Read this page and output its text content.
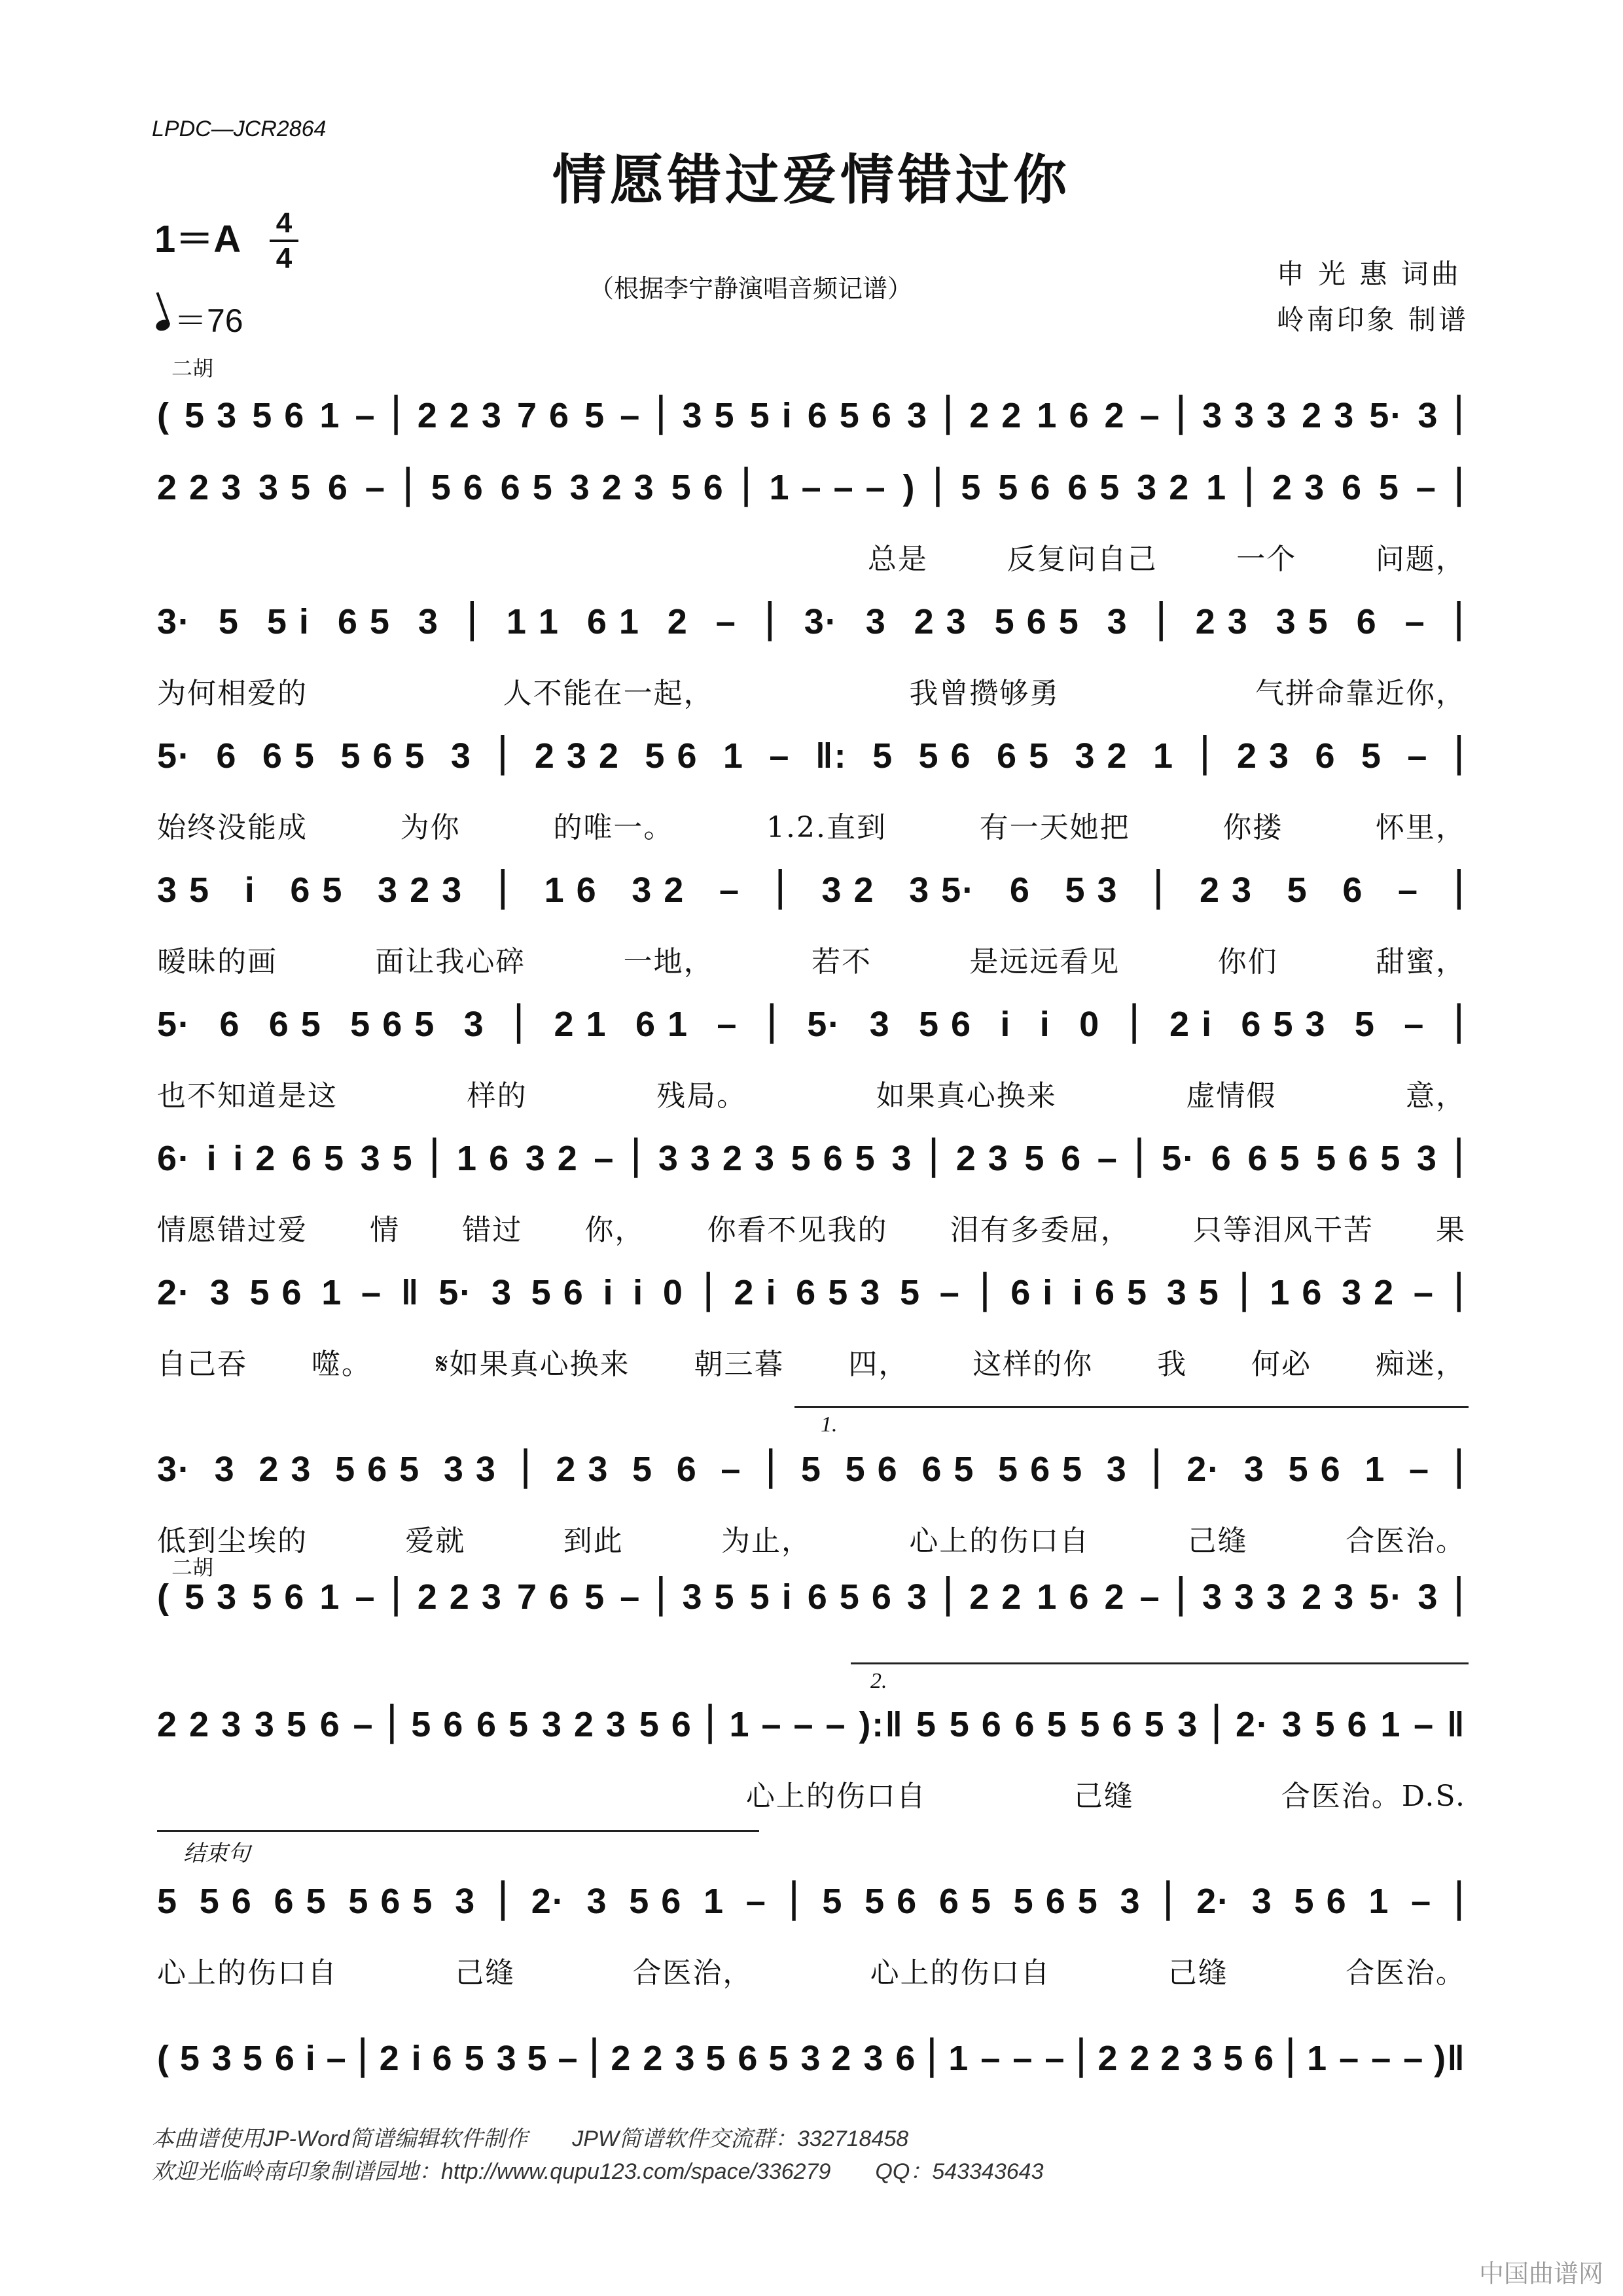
LPDC—JCR2864
情愿错过爱情错过你
1＝A 4
4
（根据李宁静演唱音频记谱）
＝76
申 光 惠 词曲
岭南印象 制谱
二胡
二胡
1.
2.
结束句
( 5 3 5 6 1 – | 2 2 3 7 6 5 – | 3 5 5 i 6 5 6 3 | 2 2 1 6 2 – | 3 3 3 2 3 5· 3 |
2 2 3 3 5 6 – | 5 6 6 5 3 2 3 5 6 | 1 – – – ) | 5 5 6 6 5 3 2 1 | 2 3 6 5 – |
总是	反复问自己	一个	问题，
3· 5 5 i 6 5 3 | 1 1 6 1 2 – | 3· 3 2 3 5 6 5 3 | 2 3 3 5 6 – |
为何相爱的	人不能在一起，	我曾攒够勇	气拼命靠近你，
5· 6 6 5 5 6 5 3 | 2 3 2 5 6 1 – ‖: 5 5 6 6 5 3 2 1 | 2 3 6 5 – |
始终没能成	为你	的唯一。	1.2.直到	有一天她把	你搂	怀里，
3 5 i 6 5 3 2 3 | 1 6 3 2 – | 3 2 3 5· 6 5 3 | 2 3 5 6 – |
暧昧的画	面让我心碎	一地，	若不	是远远看见	你们	甜蜜，
5· 6 6 5 5 6 5 3 | 2 1 6 1 – | 5· 3 5 6 i i 0 | 2 i 6 5 3 5 – |
也不知道是这	样的	残局。	如果真心换来	虚情假	意，
6· i i 2 6 5 3 5 | 1 6 3 2 – | 3 3 2 3 5 6 5 3 | 2 3 5 6 – | 5· 6 6 5 5 6 5 3 |
情愿错过爱 情 错过 你， 你看不见我的 泪有多委屈， 只等泪风干苦 果
2· 3 5 6 1 – ‖ 5· 3 5 6 i i 0 | 2 i 6 5 3 5 – | 6 i i 6 5 3 5 | 1 6 3 2 – |
自己吞 噬。 𝄋如果真心换来 朝三暮 四， 这样的你 我 何必 痴迷，
3· 3 2 3 5 6 5 3 3 | 2 3 5 6 – | 5 5 6 6 5 5 6 5 3 | 2· 3 5 6 1 – |
低到尘埃的	爱就	到此	为止，	心上的伤口自	己缝	合医治。
( 5 3 5 6 1 – | 2 2 3 7 6 5 – | 3 5 5 i 6 5 6 3 | 2 2 1 6 2 – | 3 3 3 2 3 5· 3 |
2 2 3 3 5 6 – | 5 6 6 5 3 2 3 5 6 | 1 – – – ):‖ 5 5 6 6 5 5 6 5 3 | 2· 3 5 6 1 – ‖
心上的伤口自	己缝	合医治。D.S.
5 5 6 6 5 5 6 5 3 | 2· 3 5 6 1 – | 5 5 6 6 5 5 6 5 3 | 2· 3 5 6 1 – |
心上的伤口自	己缝	合医治，	心上的伤口自	己缝	合医治。
( 5 3 5 6 i – | 2 i 6 5 3 5 – | 2 2 3 5 6 5 3 2 3 6 | 1 – – – | 2 2 2 3 5 6 | 1 – – – )‖
本曲谱使用JP-Word简谱编辑软件制作　　JPW简谱软件交流群：332718458
欢迎光临岭南印象制谱园地：http://www.qupu123.com/space/336279　　QQ：543343643
中国曲谱网
